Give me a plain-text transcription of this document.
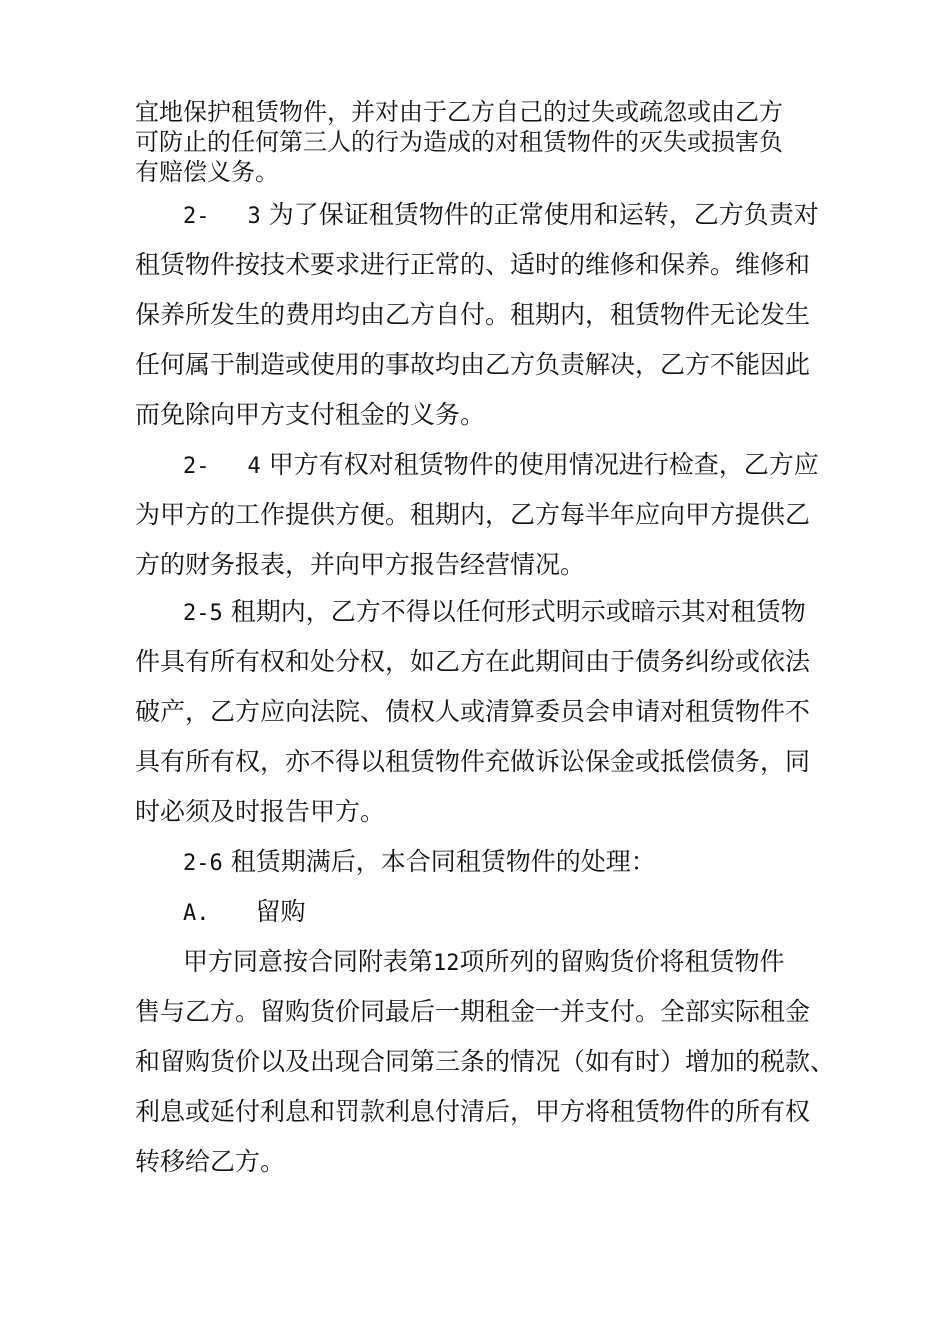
宜地保护租赁物件，并对由于乙方自己的过失或疏忽或由乙方
可防止的任何第三人的行为造成的对租赁物件的灭失或损害负
有赔偿义务。
2- 3 为了保证租赁物件的正常使用和运转，乙方负责对
租赁物件按技术要求进行正常的、适时的维修和保养。维修和
保养所发生的费用均由乙方自付。租期内，租赁物件无论发生
任何属于制造或使用的事故均由乙方负责解决，乙方不能因此
而免除向甲方支付租金的义务。
2- 4 甲方有权对租赁物件的使用情况进行检查，乙方应
为甲方的工作提供方便。租期内，乙方每半年应向甲方提供乙
方的财务报表，并向甲方报告经营情况。
2-5 租期内，乙方不得以任何形式明示或暗示其对租赁物
件具有所有权和处分权，如乙方在此期间由于债务纠纷或依法
破产，乙方应向法院、债权人或清算委员会申请对租赁物件不
具有所有权，亦不得以租赁物件充做诉讼保金或抵偿债务，同
时必须及时报告甲方。
2-6 租赁期满后，本合同租赁物件的处理：
A. 留购
甲方同意按合同附表第12项所列的留购货价将租赁物件
售与乙方。留购货价同最后一期租金一并支付。全部实际租金
和留购货价以及出现合同第三条的情况（如有时）增加的税款、
利息或延付利息和罚款利息付清后，甲方将租赁物件的所有权
转移给乙方。
